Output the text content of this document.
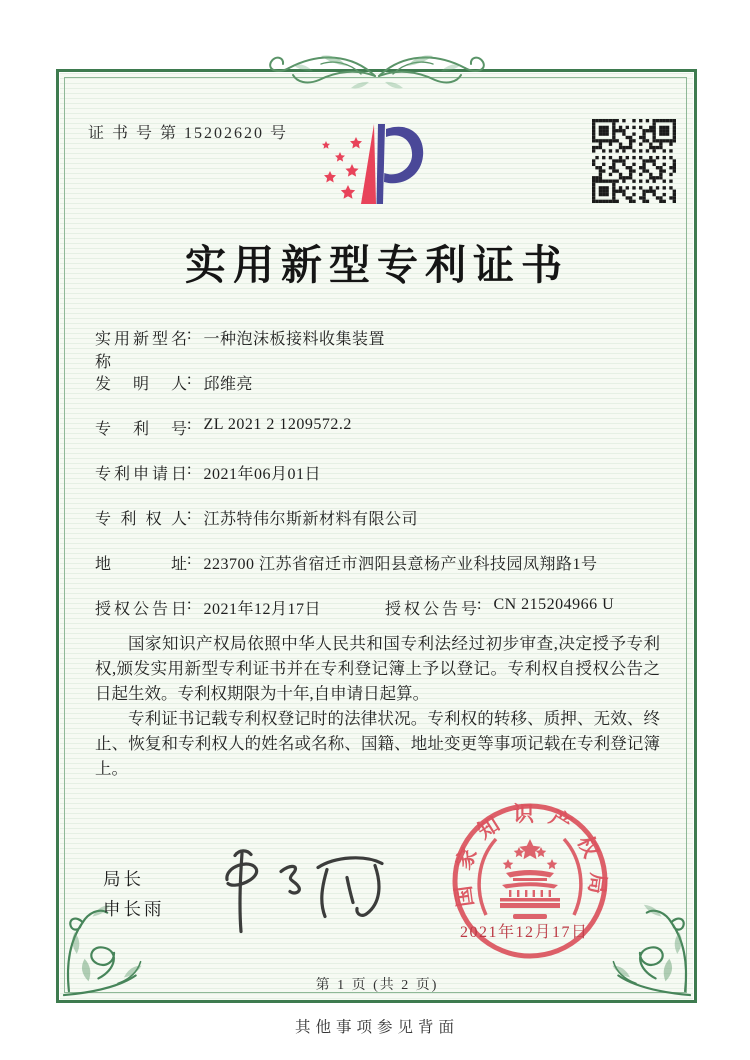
证 书 号 第 15202620 号
实用新型专利证书
实用新型名称: 一种泡沫板接料收集装置
发明人: 邱维亮
专利号: ZL 2021 2 1209572.2
专利申请日: 2021年06月01日
专利权人: 江苏特伟尔斯新材料有限公司
地址: 223700 江苏省宿迁市泗阳县意杨产业科技园凤翔路1号
授权公告日: 2021年12月17日	授权公告号: CN 215204966 U

国家知识产权局依照中华人民共和国专利法经过初步审查,决定授予专利权,颁发实用新型专利证书并在专利登记簿上予以登记。专利权自授权公告之日起生效。专利权期限为十年,自申请日起算。

专利证书记载专利权登记时的法律状况。专利权的转移、质押、无效、终止、恢复和专利权人的姓名或名称、国籍、地址变更等事项记载在专利登记簿上。

局长
申长雨
国家知识产权局
2021年12月17日
第 1 页 (共 2 页)
其他事项参见背面
